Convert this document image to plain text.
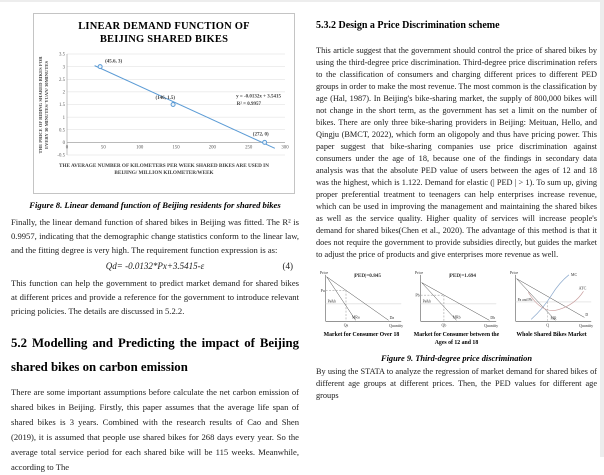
LINEAR DEMAND FUNCTION OF BEIJING SHARED BIKES
THE PRICE OF RIDING SHARED BIKES FOR EVERY 30 MINUTES/ YUAN/ 30MINUTES
3.5
3
2.5
2
1.5
1
0.5
0
-0.5
0	50	100	150	200	250	300
(45.6, 3)
(146, 1.5)
(272, 0)
y = -0.0132x + 3.5415
R² = 0.9957
THE AVERAGE NUMBER OF KILOMETERS PER WEEK SHARED BIKES ARE USED IN BEIJING/ MILLION KILOMETER/WEEK
Figure 8. Linear demand function of Beijing residents for shared bikes
Finally, the linear demand function of shared bikes in Beijing was fitted. The R² is 0.9957, indicating that the demographic change statistics conform to the linear law, and the fitting degree is very high. The requirement function expression is as:
Qd= -0.0132*Px+3.5415-ε	(4)
This function can help the government to predict market demand for shared bikes at different prices and provide a reference for the government to introduce relevant pricing policies. The details are discussed in 5.2.2.
5.2 Modelling and Predicting the impact of Beijing shared bikes on carbon emission
There are some important assumptions before calculate the net carbon emission of shared bikes in Beijing. Firstly, this paper assumes that the average life span of shared bikes is 3 years. Combined with the research results of Cao and Shen (2019), it is assumed that people use shared bikes for 268 days every year. So the average total service period for each shared bike will be 115 weeks. Meanwhile, according to The
5.3.2 Design a Price Discrimination scheme
This article suggest that the government should control the price of shared bikes by using the third-degree price discrimination. Third-degree price discrimination refers to the classification of consumers and charging different prices to different PED groups in order to make the most revenue. The most common is the classification by age (Hal, 1987). In Beijing's bike-sharing market, the supply of 800,000 bikes will not change in the short term, as the government has set a limit on the number of bikes. There are only three bike-sharing providers in Beijing: Meituan, Hello, and Qingju (BMCT, 2022), which form an oligopoly and thus have pricing power. This paper suggest that bike-sharing companies use price discrimination against consumers under the age of 18, because one of the findings in secondary data analysis was that the absolute PED value of users between the ages of 12 and 18 was the highest, which is 1.122. Demand for elastic (| PED | > 1). To sum up, giving proper preferential treatment to teenagers can help enterprises increase revenue, which can be used in improving the management and maintaining the shared bikes as well as the service quality. Higher quality of services will increase people's demand for shared bikes(Chen et al., 2020). The advantage of this method is that it does not require the government to provide subsidies directly, but guides the market to adjust the price of products and give enterprises more revenue as well.
Price
|PED|=0.845
Pa
Pa&b
MRa	Da
Qa	Quantity
Market for Consumer Over 18
Price
|PED|=1.694
Pb
Pa&b
MRb	Db
Qb	Quantity
Market for Consumer between the Ages of 12 and 18
Price	MC
ATC
Pa and Pb
MR
D
Q	Quantity
Whole Shared Bikes Market
Figure 9. Third-degree price discrimination
By using the STATA to analyze the regression of market demand for shared bikes of different age groups at different prices. Then, the PED values for different age groups
